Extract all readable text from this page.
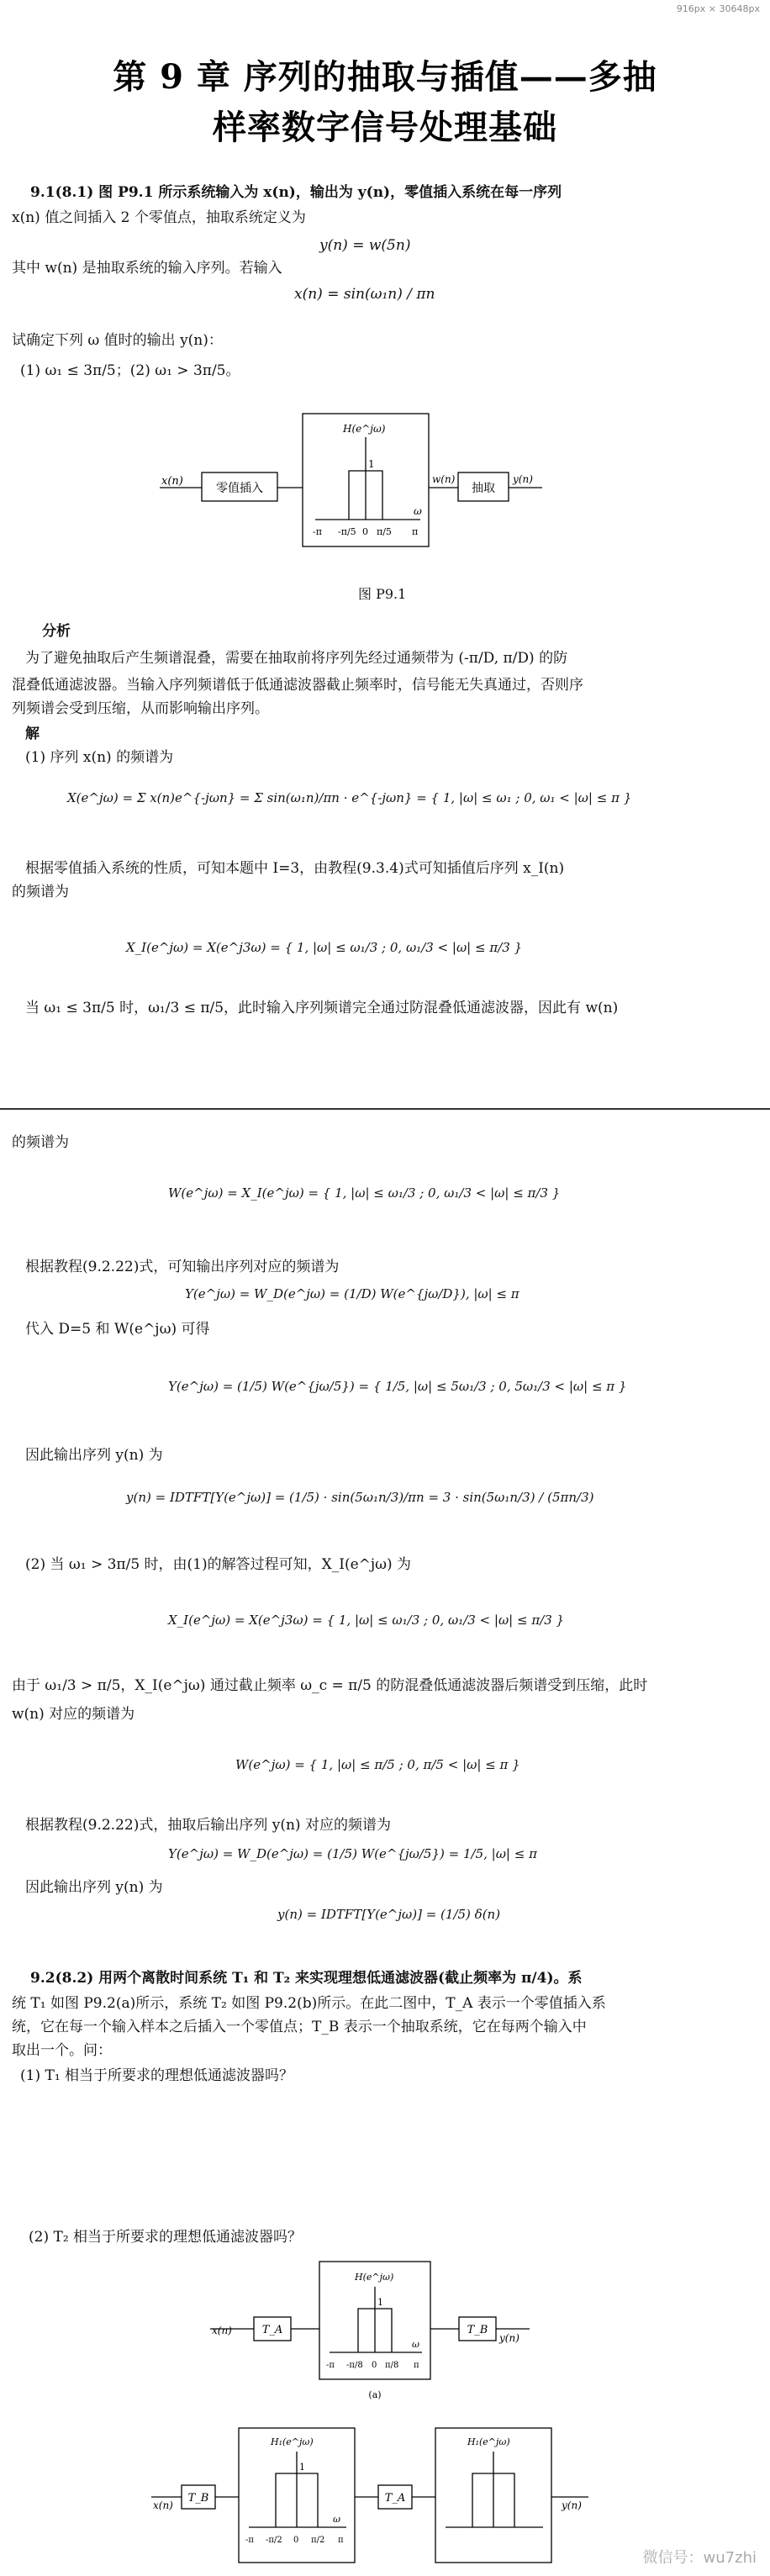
916px × 30648px
第 9 章 序列的抽取与插值——多抽
样率数字信号处理基础
9.1(8.1) 图 P9.1 所示系统输入为 x(n)，输出为 y(n)，零值插入系统在每一序列
x(n) 值之间插入 2 个零值点，抽取系统定义为
y(n) = w(5n)
其中 w(n) 是抽取系统的输入序列。若输入
x(n) = sin(ω₁n) / πn
试确定下列 ω 值时的输出 y(n)：
(1) ω₁ ≤ 3π/5；(2) ω₁ > 3π/5。
x(n)
零值插入
H(e^jω)
1
w(n)
抽取
y(n)
ω
-π -π/5 0 π/5 π
图 P9.1
分析
为了避免抽取后产生频谱混叠，需要在抽取前将序列先经过通频带为 (-π/D, π/D) 的防
混叠低通滤波器。当输入序列频谱低于低通滤波器截止频率时，信号能无失真通过，否则序
列频谱会受到压缩，从而影响输出序列。
解
(1) 序列 x(n) 的频谱为
X(e^jω) = Σ x(n)e^{-jωn} = Σ sin(ω₁n)/πn · e^{-jωn} = { 1, |ω| ≤ ω₁ ; 0, ω₁ < |ω| ≤ π }
根据零值插入系统的性质，可知本题中 I=3，由教程(9.3.4)式可知插值后序列 x_I(n)
的频谱为
X_I(e^jω) = X(e^j3ω) = { 1, |ω| ≤ ω₁/3 ; 0, ω₁/3 < |ω| ≤ π/3 }
当 ω₁ ≤ 3π/5 时，ω₁/3 ≤ π/5，此时输入序列频谱完全通过防混叠低通滤波器，因此有 w(n)
的频谱为
W(e^jω) = X_I(e^jω) = { 1, |ω| ≤ ω₁/3 ; 0, ω₁/3 < |ω| ≤ π/3 }
根据教程(9.2.22)式，可知输出序列对应的频谱为
Y(e^jω) = W_D(e^jω) = (1/D) W(e^{jω/D}), |ω| ≤ π
代入 D=5 和 W(e^jω) 可得
Y(e^jω) = (1/5) W(e^{jω/5}) = { 1/5, |ω| ≤ 5ω₁/3 ; 0, 5ω₁/3 < |ω| ≤ π }
因此输出序列 y(n) 为
y(n) = IDTFT[Y(e^jω)] = (1/5) · sin(5ω₁n/3)/πn = 3 · sin(5ω₁n/3) / (5πn/3)
(2) 当 ω₁ > 3π/5 时，由(1)的解答过程可知，X_I(e^jω) 为
X_I(e^jω) = X(e^j3ω) = { 1, |ω| ≤ ω₁/3 ; 0, ω₁/3 < |ω| ≤ π/3 }
由于 ω₁/3 > π/5，X_I(e^jω) 通过截止频率 ω_c = π/5 的防混叠低通滤波器后频谱受到压缩，此时
w(n) 对应的频谱为
W(e^jω) = { 1, |ω| ≤ π/5 ; 0, π/5 < |ω| ≤ π }
根据教程(9.2.22)式，抽取后输出序列 y(n) 对应的频谱为
Y(e^jω) = W_D(e^jω) = (1/5) W(e^{jω/5}) = 1/5, |ω| ≤ π
因此输出序列 y(n) 为
y(n) = IDTFT[Y(e^jω)] = (1/5) δ(n)
9.2(8.2) 用两个离散时间系统 T₁ 和 T₂ 来实现理想低通滤波器(截止频率为 π/4)。系
统 T₁ 如图 P9.2(a)所示，系统 T₂ 如图 P9.2(b)所示。在此二图中，T_A 表示一个零值插入系
统，它在每一个输入样本之后插入一个零值点；T_B 表示一个抽取系统，它在每两个输入中
取出一个。问：
(1) T₁ 相当于所要求的理想低通滤波器吗？
(2) T₂ 相当于所要求的理想低通滤波器吗？
x(n)	T_A
H(e^jω)
1
T_B
y(n)
ω
-π -π/8 0 π/8 π
(a)
x(n)
T_B
H₁(e^jω)
1
T_A
H₁(e^jω)
y(n)
ω
-π -π/2 0 π/2 π
微信号：wu7zhi
